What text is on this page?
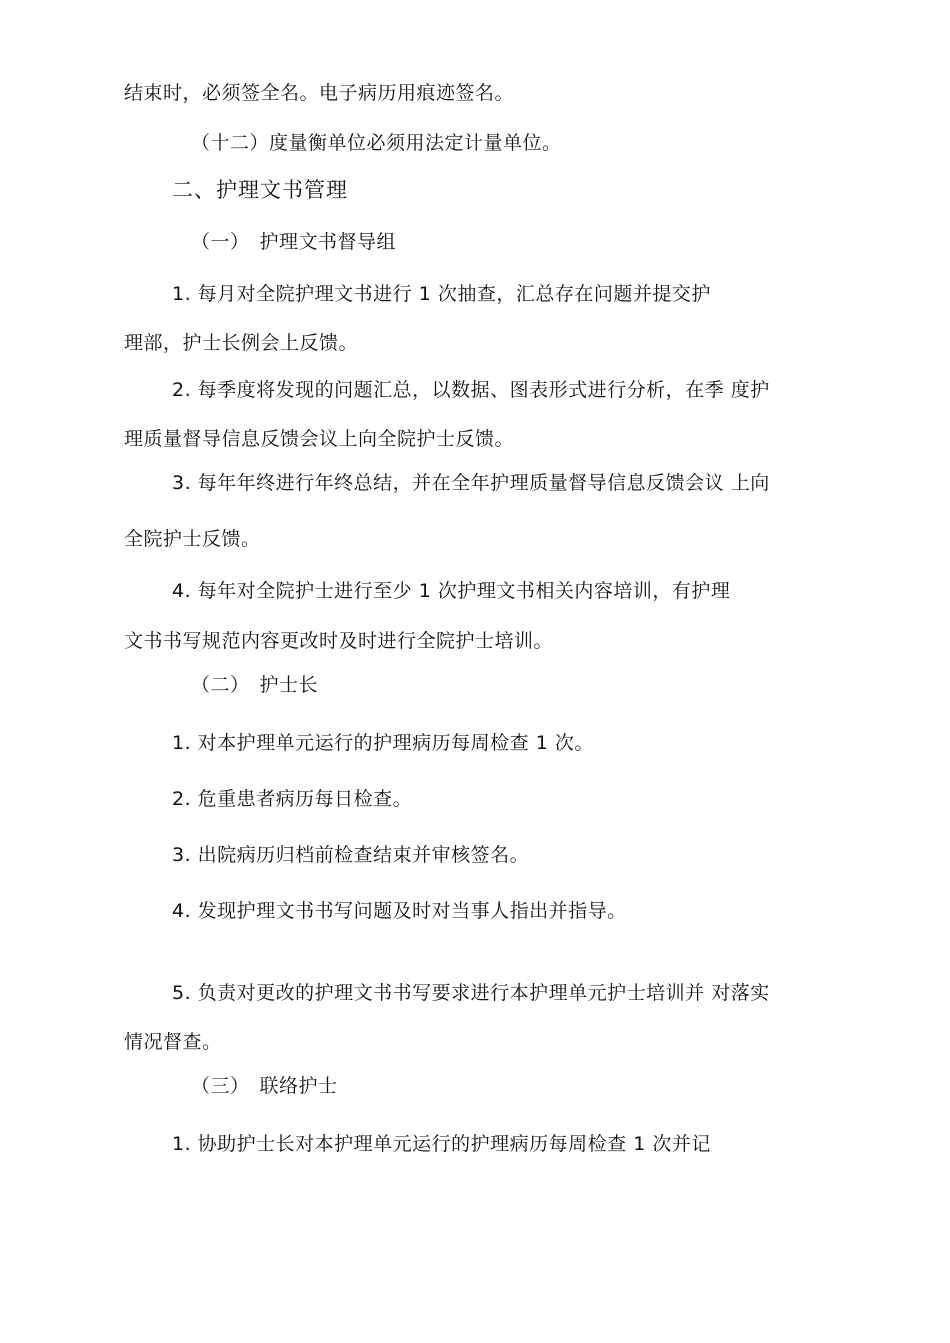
结束时，必须签全名。电子病历用痕迹签名。
（十二）度量衡单位必须用法定计量单位。
二、护理文书管理
（一）　护理文书督导组
1. 每月对全院护理文书进行 1 次抽查，汇总存在问题并提交护
理部，护士长例会上反馈。
2. 每季度将发现的问题汇总，以数据、图表形式进行分析，在季 度护
理质量督导信息反馈会议上向全院护士反馈。
3. 每年年终进行年终总结，并在全年护理质量督导信息反馈会议 上向
全院护士反馈。
4. 每年对全院护士进行至少 1 次护理文书相关内容培训，有护理
文书书写规范内容更改时及时进行全院护士培训。
（二）　护士长
1. 对本护理单元运行的护理病历每周检查 1 次。
2. 危重患者病历每日检查。
3. 出院病历归档前检查结束并审核签名。
4. 发现护理文书书写问题及时对当事人指出并指导。
5. 负责对更改的护理文书书写要求进行本护理单元护士培训并 对落实
情况督查。
（三）　联络护士
1. 协助护士长对本护理单元运行的护理病历每周检查 1 次并记
